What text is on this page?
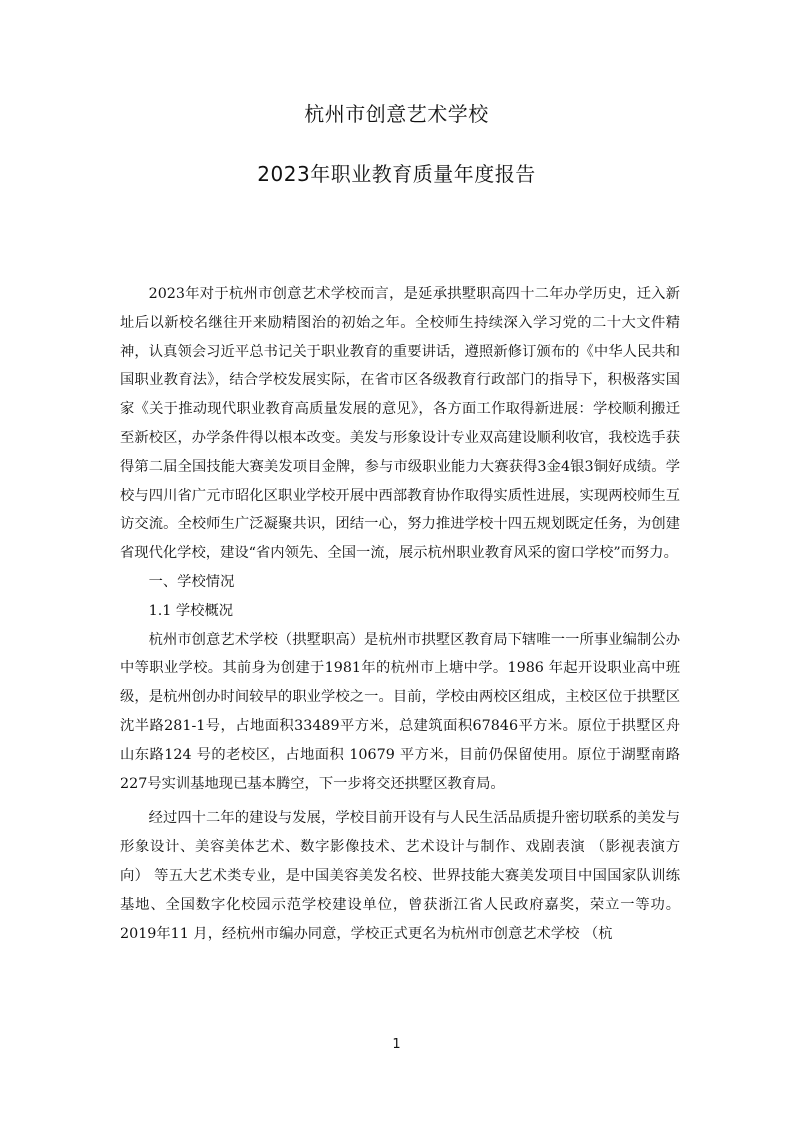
杭州市创意艺术学校
2023年职业教育质量年度报告

2023年对于杭州市创意艺术学校而言，是延承拱墅职高四十二年办学历史，迁入新址后以新校名继往开来励精图治的初始之年。全校师生持续深入学习党的二十大文件精神，认真领会习近平总书记关于职业教育的重要讲话，遵照新修订颁布的《中华人民共和国职业教育法》，结合学校发展实际，在省市区各级教育行政部门的指导下，积极落实国家《关于推动现代职业教育高质量发展的意见》，各方面工作取得新进展：学校顺利搬迁至新校区，办学条件得以根本改变。美发与形象设计专业双高建设顺利收官，我校选手获得第二届全国技能大赛美发项目金牌，参与市级职业能力大赛获得3金4银3铜好成绩。学校与四川省广元市昭化区职业学校开展中西部教育协作取得实质性进展，实现两校师生互访交流。全校师生广泛凝聚共识，团结一心，努力推进学校十四五规划既定任务，为创建省现代化学校，建设“省内领先、全国一流，展示杭州职业教育风采的窗口学校”而努力。

一、学校情况

1.1 学校概况

杭州市创意艺术学校（拱墅职高）是杭州市拱墅区教育局下辖唯一一所事业编制公办中等职业学校。其前身为创建于1981年的杭州市上塘中学。1986 年起开设职业高中班级，是杭州创办时间较早的职业学校之一。目前，学校由两校区组成，主校区位于拱墅区沈半路281-1号，占地面积33489平方米，总建筑面积67846平方米。原位于拱墅区舟山东路124 号的老校区，占地面积 10679 平方米，目前仍保留使用。原位于湖墅南路227号实训基地现已基本腾空，下一步将交还拱墅区教育局。

经过四十二年的建设与发展，学校目前开设有与人民生活品质提升密切联系的美发与形象设计、美容美体艺术、数字影像技术、艺术设计与制作、戏剧表演 （影视表演方向） 等五大艺术类专业，是中国美容美发名校、世界技能大赛美发项目中国国家队训练基地、全国数字化校园示范学校建设单位，曾获浙江省人民政府嘉奖，荣立一等功。2019年11 月，经杭州市编办同意，学校正式更名为杭州市创意艺术学校 （杭

1
